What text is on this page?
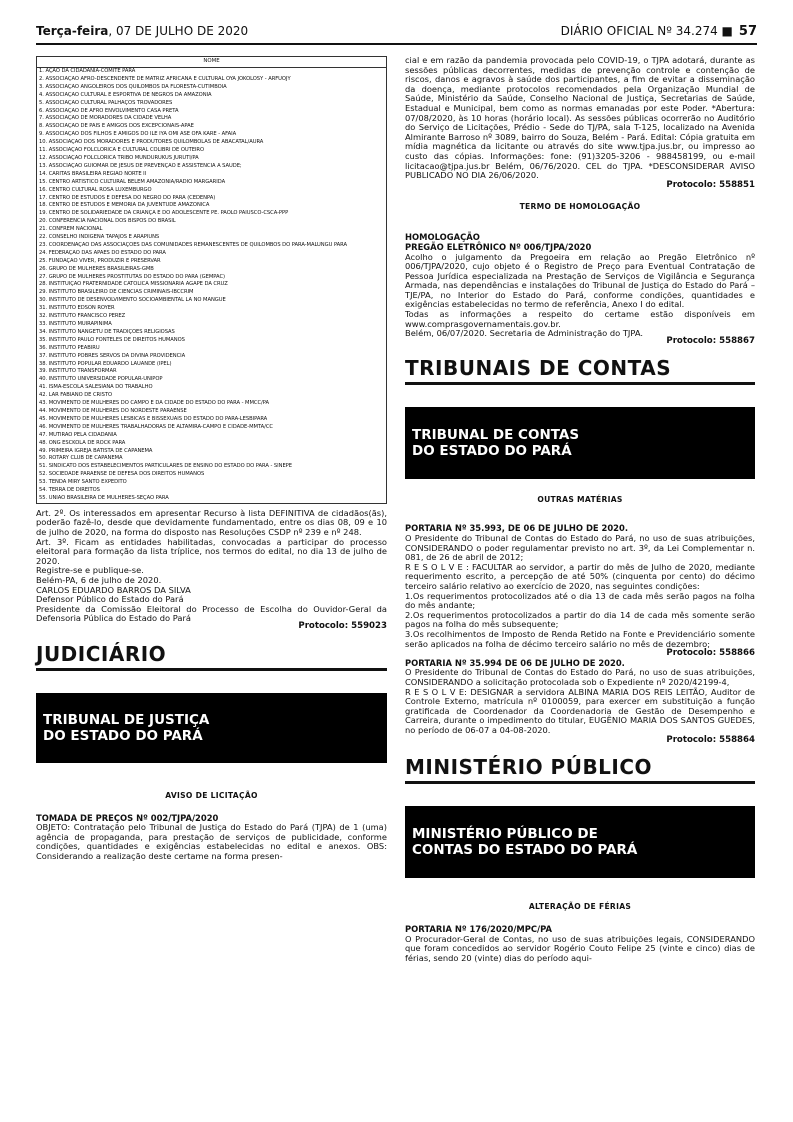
Terça-feira, 07 DE JULHO DE 2020	DIÁRIO OFICIAL Nº 34.274 ■ 57
NOME
1. AÇÃO DA CIDADANIA-COMITÊ PARÁ
2. ASSOCIAÇÃO AFRO-DESCENDENTE DE MATRIZ AFRICANA E CULTURAL OYA JOKOLOSY - ARFUOJY
3. ASSOCIAÇÃO ANGOLEIROS DOS QUILOMBOS DA FLORESTA-CUTIMBOIA
4. ASSOCIAÇÃO CULTURAL E ESPORTIVA DE NEGROS DA AMAZÔNIA
5. ASSOCIAÇÃO CULTURAL PALHAÇOS TROVADORES
6. ASSOCIAÇÃO DE AFRO ENVOLVIMENTO CASA PRETA
7. ASSOCIAÇÃO DE MORADORES DA CIDADE VELHA
8. ASSOCIAÇÃO DE PAIS E AMIGOS DOS EXCEPCIONAIS-APAE
9. ASSOCIAÇÃO DOS FILHOS E AMIGOS DO ILE IYA OMI ASE OFA KARE - AFAIA
10. ASSOCIAÇÃO DOS MORADORES E PRODUTORES QUILOMBOLAS DE ABACATAL/AURÁ
11. ASSOCIAÇÃO FOLCLÓRICA E CULTURAL COLIBRI DE OUTEIRO
12. ASSOCIAÇÃO FOLCLÓRICA TRIBO MUNDURUKUS JURUTI/PA
13. ASSOCIAÇÃO GUIOMAR DE JESUS DE PREVENÇÃO E ASSISTÊNCIA À SAÚDE;
14. CARITAS BRASILEIRA REGIÃO NORTE II
15. CENTRO ARTÍSTICO CULTURAL BELÉM AMAZÔNIA/RÁDIO MARGARIDA
16. CENTRO CULTURAL ROSA LUXEMBURGO
17. CENTRO DE ESTUDOS E DEFESA DO NEGRO DO PARÁ (CEDENPA)
18. CENTRO DE ESTUDOS E MEMÓRIA DA JUVENTUDE AMAZÔNICA
19. CENTRO DE SOLIDARIEDADE DA CRIANÇA E DO ADOLESCENTE PE. PAOLO PAIUSCO-CSCA-PPP
20. CONFERÊNCIA NACIONAL DOS BISPOS DO BRASIL
21. CONFREM NACIONAL
22. CONSELHO INDÍGENA TAPAJÓS E ARAPIUNS
23. COORDENAÇÃO DAS ASSOCIAÇÕES DAS COMUNIDADES REMANESCENTES DE QUILOMBOS DO PARÁ-MALUNGU PARÁ
24. FEDERAÇÃO DAS APAES DO ESTADO DO PARÁ
25. FUNDAÇÃO VIVER, PRODUZIR E PRESERVAR
26. GRUPO DE MULHERES BRASILEIRAS-GMB
27. GRUPO DE MULHERES PROSTITUTAS DO ESTADO DO PARÁ (GEMPAC)
28. INSTITUIÇÃO FRATERNIDADE CATÓLICA MISSIONÁRIA ÁGAPE DA CRUZ
29. INSTITUTO BRASILEIRO DE CIÊNCIAS CRIMINAIS-IBCCRIM
30. INSTITUTO DE DESENVOLVIMENTO SOCIOAMBIENTAL LÁ NO MANGUE
31. INSTITUTO EDSON ROYER
32. INSTITUTO FRANCISCO PEREZ
33. INSTITUTO MUIRAPINIMA
34. INSTITUTO NANGETU DE TRADIÇÕES RELIGIOSAS
35. INSTITUTO PAULO FONTELES DE DIREITOS HUMANOS
36. INSTITUTO PEABIRU
37. INSTITUTO POBRES SERVOS DA DIVINA PROVIDÊNCIA
38. INSTITUTO POPULAR EDUARDO LAUANDE (IPEL)
39. INSTITUTO TRANSFORMAR
40. INSTITUTO UNIVERSIDADE POPULAR-UNIPOP
41. ISMA-ESCOLA SALESIANA DO TRABALHO
42. LAR FABIANO DE CRISTO
43. MOVIMENTO DE MULHERES DO CAMPO E DA CIDADE DO ESTADO DO PARÁ - MMCC/PA
44. MOVIMENTO DE MULHERES DO NORDESTE PARAENSE
45. MOVIMENTO DE MULHERES LÉSBICAS E BISSEXUAIS DO ESTADO DO PARÁ-LESBIPARÁ
46. MOVIMENTO DE MULHERES TRABALHADORAS DE ALTAMIRA-CAMPO E CIDADE-MMTA/CC
47. MUTIRÃO PELA CIDADANIA
48. ONG ESCKOLA DE ROCK PARÁ
49. PRIMEIRA IGREJA BATISTA DE CAPANEMA
50. ROTARY CLUB DE CAPANEMA
51. SINDICATO DOS ESTABELECIMENTOS PARTICULARES DE ENSINO DO ESTADO DO PARÁ - SINEPE
52. SOCIEDADE PARAENSE DE DEFESA DOS DIREITOS HUMANOS
53. TENDA MIRY SANTO EXPEDITO
54. TERRA DE DIREITOS
55. UNIÃO BRASILEIRA DE MULHERES-SEÇÃO PARÁ

Art. 2º. Os interessados em apresentar Recurso à lista DEFINITIVA de cidadãos(ãs), poderão fazê-lo, desde que devidamente fundamentado, entre os dias 08, 09 e 10 de julho de 2020, na forma do disposto nas Resoluções CSDP nº 239 e nº 248.

Art. 3º. Ficam as entidades habilitadas, convocadas a participar do processo eleitoral para formação da lista tríplice, nos termos do edital, no dia 13 de julho de 2020.

Registre-se e publique-se.

Belém-PA, 6 de julho de 2020.

CARLOS EDUARDO BARROS DA SILVA

Defensor Público do Estado do Pará

Presidente da Comissão Eleitoral do Processo de Escolha do Ouvidor-Geral da Defensoria Pública do Estado do Pará

Protocolo: 559023
JUDICIÁRIO
TRIBUNAL DE JUSTIÇA
DO ESTADO DO PARÁ
AVISO DE LICITAÇÃO

TOMADA DE PREÇOS Nº 002/TJPA/2020

OBJETO: Contratação pelo Tribunal de Justiça do Estado do Pará (TJPA) de 1 (uma) agência de propaganda, para prestação de serviços de publicidade, conforme condições, quantidades e exigências estabelecidas no edital e anexos. OBS: Considerando a realização deste certame na forma presen-

cial e em razão da pandemia provocada pelo COVID-19, o TJPA adotará, durante as sessões públicas decorrentes, medidas de prevenção controle e contenção de riscos, danos e agravos à saúde dos participantes, a fim de evitar a disseminação da doença, mediante protocolos recomendados pela Organização Mundial de Saúde, Ministério da Saúde, Conselho Nacional de Justiça, Secretarias de Saúde, Estadual e Municipal, bem como as normas emanadas por este Poder. *Abertura: 07/08/2020, às 10 horas (horário local). As sessões públicas ocorrerão no Auditório do Serviço de Licitações, Prédio - Sede do TJ/PA, sala T-125, localizado na Avenida Almirante Barroso nº 3089, bairro do Souza, Belém - Pará. Edital: Cópia gratuita em mídia magnética da licitante ou através do site www.tjpa.jus.br, ou impresso ao custo das cópias. Informações: fone: (91)3205-3206 - 988458199, ou e-mail licitacao@tjpa.jus.br Belém, 06/76/2020. CEL do TJPA. *DESCONSIDERAR AVISO PUBLICADO NO DIA 26/06/2020.

Protocolo: 558851
TERMO DE HOMOLOGAÇÃO

HOMOLOGAÇÃO

PREGÃO ELETRÔNICO Nº 006/TJPA/2020

Acolho o julgamento da Pregoeira em relação ao Pregão Eletrônico nº 006/TJPA/2020, cujo objeto é o Registro de Preço para Eventual Contratação de Pessoa Jurídica especializada na Prestação de Serviços de Vigilância e Segurança Armada, nas dependências e instalações do Tribunal de Justiça do Estado do Pará – TJE/PA, no Interior do Estado do Pará, conforme condições, quantidades e exigências estabelecidas no termo de referência, Anexo I do edital.

Todas as informações a respeito do certame estão disponíveis em www.comprasgovernamentais.gov.br.

Belém, 06/07/2020. Secretaria de Administração do TJPA.

Protocolo: 558867
TRIBUNAIS DE CONTAS
TRIBUNAL DE CONTAS
DO ESTADO DO PARÁ
OUTRAS MATÉRIAS

PORTARIA Nº 35.993, DE 06 DE JULHO DE 2020.

O Presidente do Tribunal de Contas do Estado do Pará, no uso de suas atribuições, CONSIDERANDO o poder regulamentar previsto no art. 3º, da Lei Complementar n. 081, de 26 de abril de 2012;

R E S O L V E : FACULTAR ao servidor, a partir do mês de Julho de 2020, mediante requerimento escrito, a percepção de até 50% (cinquenta por cento) do décimo terceiro salário relativo ao exercício de 2020, nas seguintes condições:

1.Os requerimentos protocolizados até o dia 13 de cada mês serão pagos na folha do mês andante;

2.Os requerimentos protocolizados a partir do dia 14 de cada mês somente serão pagos na folha do mês subsequente;

3.Os recolhimentos de Imposto de Renda Retido na Fonte e Previdenciário somente serão aplicados na folha de décimo terceiro salário no mês de dezembro;

Protocolo: 558866

PORTARIA Nº 35.994 DE 06 DE JULHO DE 2020.

O Presidente do Tribunal de Contas do Estado do Pará, no uso de suas atribuições, CONSIDERANDO a solicitação protocolada sob o Expediente nº 2020/42199-4,

R E S O L V E: DESIGNAR a servidora ALBINA MARIA DOS REIS LEITÃO, Auditor de Controle Externo, matrícula nº 0100059, para exercer em substituição a função gratificada de Coordenador da Coordenadoria de Gestão de Desempenho e Carreira, durante o impedimento do titular, EUGÊNIO MARIA DOS SANTOS GUEDES, no período de 06-07 a 04-08-2020.

Protocolo: 558864
MINISTÉRIO PÚBLICO
MINISTÉRIO PÚBLICO DE
CONTAS DO ESTADO DO PARÁ
ALTERAÇÃO DE FÉRIAS

PORTARIA Nº 176/2020/MPC/PA

O Procurador-Geral de Contas, no uso de suas atribuições legais, CONSIDERANDO que foram concedidos ao servidor Rogério Couto Felipe 25 (vinte e cinco) dias de férias, sendo 20 (vinte) dias do período aqui-
